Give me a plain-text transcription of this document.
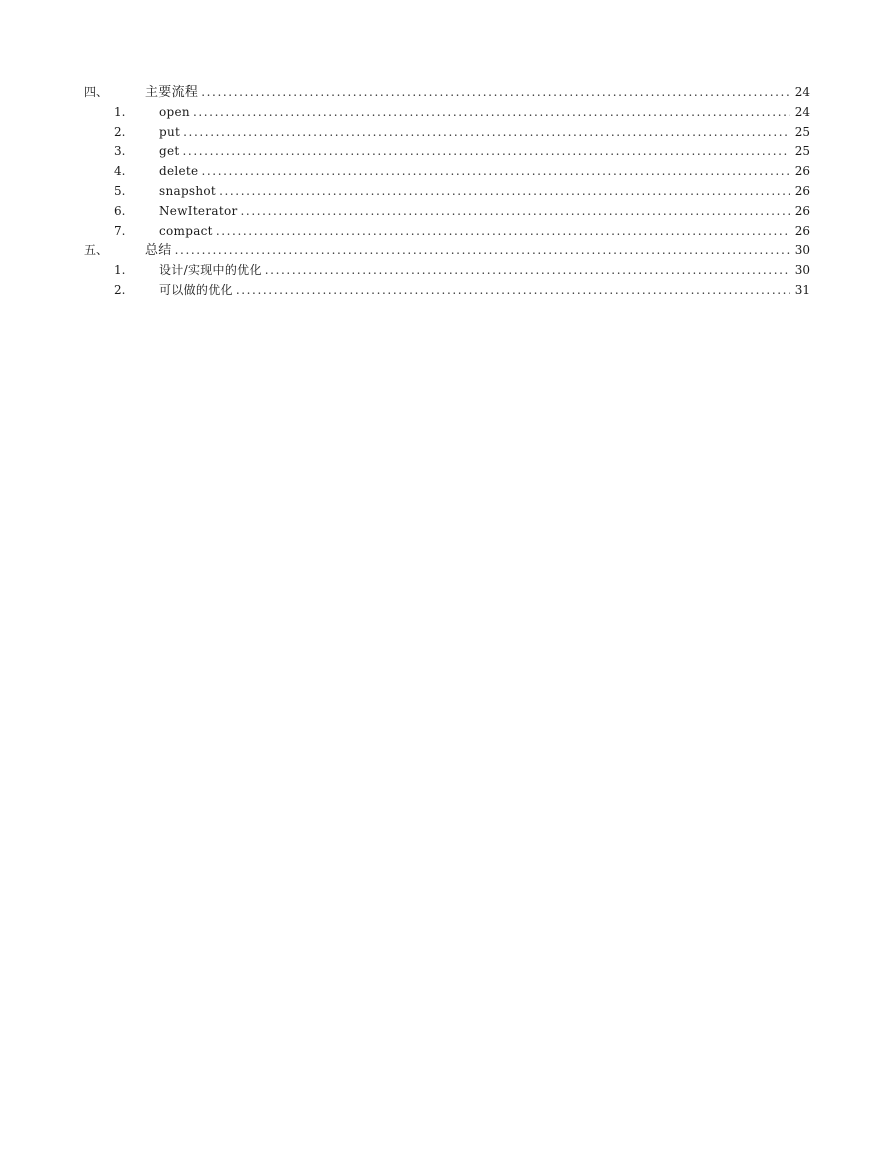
四、	主要流程 .....	24
1.	open .....	24
2.	put .....	25
3.	get .....	25
4.	delete .....	26
5.	snapshot .....	26
6.	NewIterator .....	26
7.	compact .....	26
五、	总结 .....	30
1.	设计/实现中的优化 .....	30
2.	可以做的优化 .....	31
